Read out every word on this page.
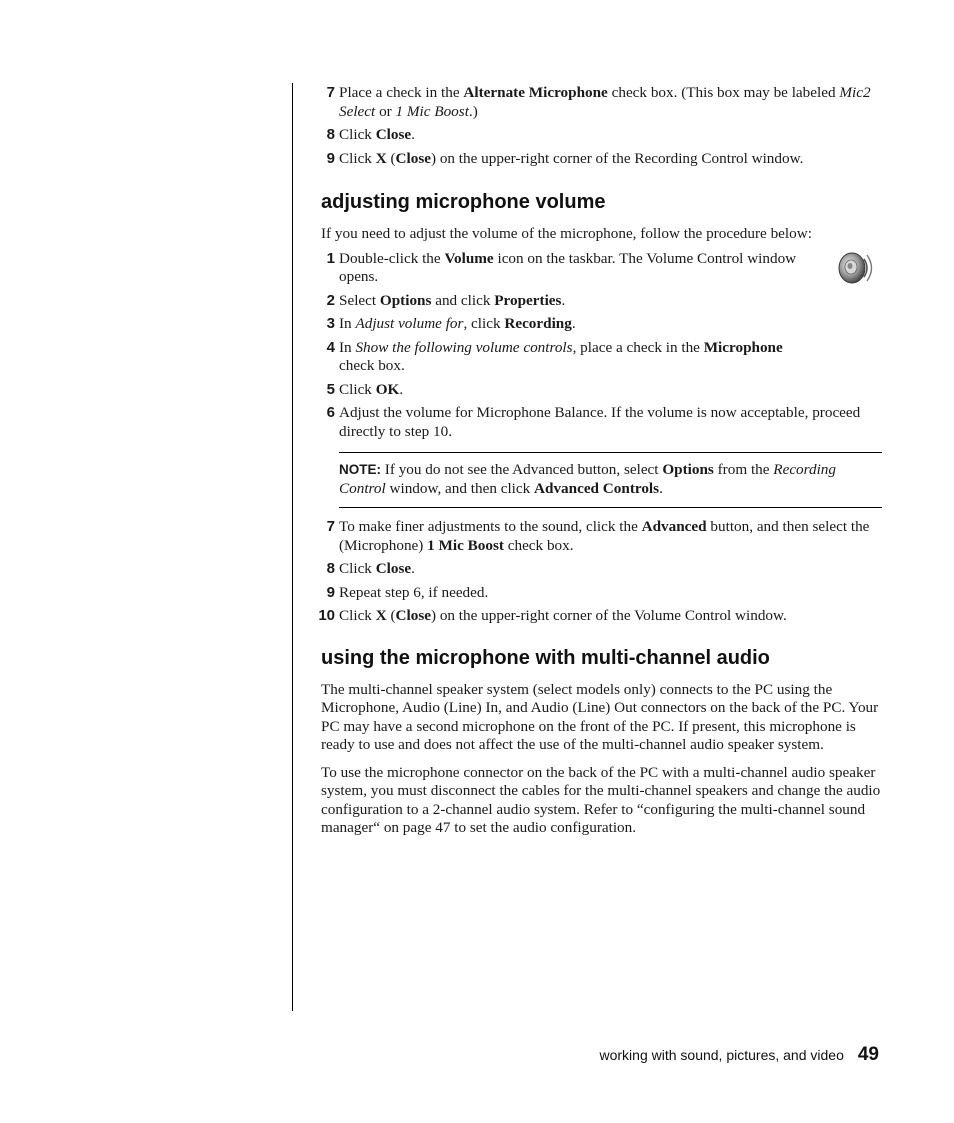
7 Place a check in the Alternate Microphone check box. (This box may be labeled Mic2 Select or 1 Mic Boost.)
8 Click Close.
9 Click X (Close) on the upper-right corner of the Recording Control window.
adjusting microphone volume

If you need to adjust the volume of the microphone, follow the procedure below:

1 Double-click the Volume icon on the taskbar. The Volume Control window opens.
2 Select Options and click Properties.
3 In Adjust volume for, click Recording.
4 In Show the following volume controls, place a check in the Microphone check box.
5 Click OK.
6 Adjust the volume for Microphone Balance. If the volume is now acceptable, proceed directly to step 10.
NOTE: If you do not see the Advanced button, select Options from the Recording Control window, and then click Advanced Controls.
7 To make finer adjustments to the sound, click the Advanced button, and then select the (Microphone) 1 Mic Boost check box.
8 Click Close.
9 Repeat step 6, if needed.
10 Click X (Close) on the upper-right corner of the Volume Control window.
using the microphone with multi-channel audio

The multi-channel speaker system (select models only) connects to the PC using the Microphone, Audio (Line) In, and Audio (Line) Out connectors on the back of the PC. Your PC may have a second microphone on the front of the PC. If present, this microphone is ready to use and does not affect the use of the multi-channel audio speaker system.

To use the microphone connector on the back of the PC with a multi-channel audio speaker system, you must disconnect the cables for the multi-channel speakers and change the audio configuration to a 2-channel audio system. Refer to “configuring the multi-channel sound manager“ on page 47 to set the audio configuration.

working with sound, pictures, and video 49
